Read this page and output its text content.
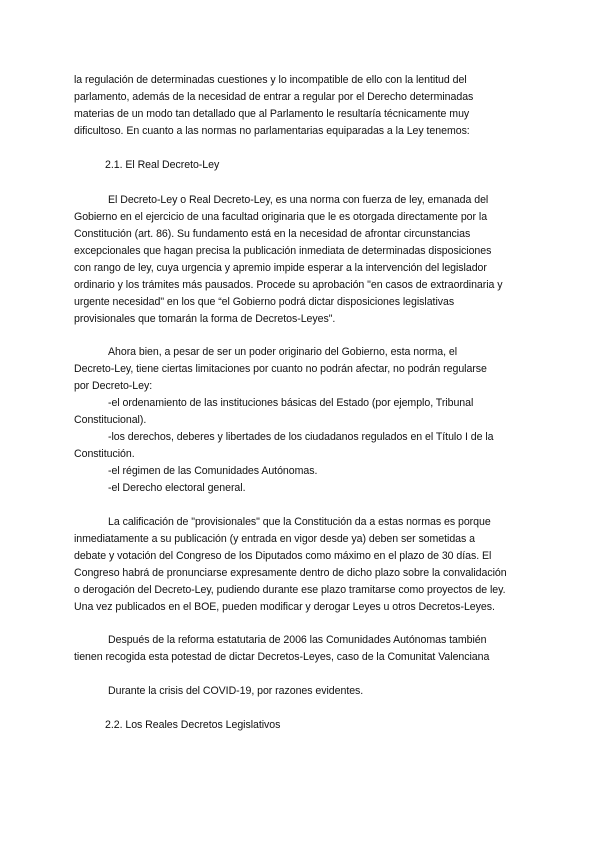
la regulación de determinadas cuestiones y lo incompatible de ello con la lentitud del
parlamento, además de la necesidad de entrar a regular por el Derecho determinadas
materias de un modo tan detallado que al Parlamento le resultaría técnicamente muy
dificultoso. En cuanto a las normas no parlamentarias equiparadas a la Ley tenemos:
2.1. El Real Decreto-Ley
El Decreto-Ley o Real Decreto-Ley, es una norma con fuerza de ley, emanada del
Gobierno en el ejercicio de una facultad originaria que le es otorgada directamente por la
Constitución (art. 86). Su fundamento está en la necesidad de afrontar circunstancias
excepcionales que hagan precisa la publicación inmediata de determinadas disposiciones
con rango de ley, cuya urgencia y apremio impide esperar a la intervención del legislador
ordinario y los trámites más pausados. Procede su aprobación "en casos de extraordinaria y
urgente necesidad" en los que “el Gobierno podrá dictar disposiciones legislativas
provisionales que tomarán la forma de Decretos-Leyes".
Ahora bien, a pesar de ser un poder originario del Gobierno, esta norma, el
Decreto-Ley, tiene ciertas limitaciones por cuanto no podrán afectar, no podrán regularse
por Decreto-Ley:
-el ordenamiento de las instituciones básicas del Estado (por ejemplo, Tribunal
Constitucional).
-los derechos, deberes y libertades de los ciudadanos regulados en el Título I de la
Constitución.
-el régimen de las Comunidades Autónomas.
-el Derecho electoral general.
La calificación de "provisionales" que la Constitución da a estas normas es porque
inmediatamente a su publicación (y entrada en vigor desde ya) deben ser sometidas a
debate y votación del Congreso de los Diputados como máximo en el plazo de 30 días. El
Congreso habrá de pronunciarse expresamente dentro de dicho plazo sobre la convalidación
o derogación del Decreto-Ley, pudiendo durante ese plazo tramitarse como proyectos de ley.
Una vez publicados en el BOE, pueden modificar y derogar Leyes u otros Decretos-Leyes.
Después de la reforma estatutaria de 2006 las Comunidades Autónomas también
tienen recogida esta potestad de dictar Decretos-Leyes, caso de la Comunitat Valenciana
Durante la crisis del COVID-19, por razones evidentes.
2.2. Los Reales Decretos Legislativos
